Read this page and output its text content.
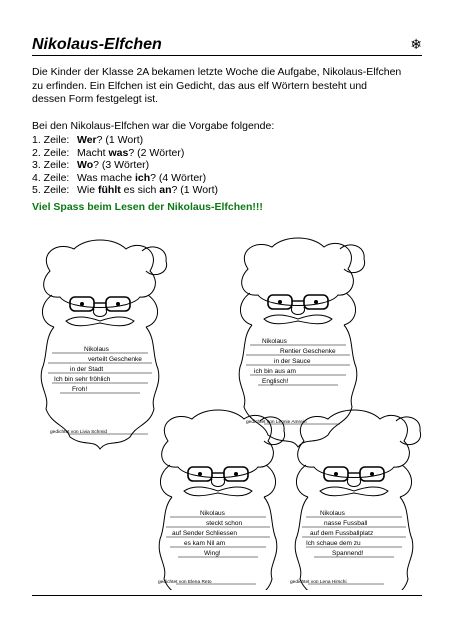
Nikolaus-Elfchen	❄
Die Kinder der Klasse 2A bekamen letzte Woche die Aufgabe, Nikolaus-Elfchen zu erfinden. Ein Elfchen ist ein Gedicht, das aus elf Wörtern besteht und dessen Form festgelegt ist.
Bei den Nikolaus-Elfchen war die Vorgabe folgende:
1. Zeile: Wer? (1 Wort)
2. Zeile: Macht was? (2 Wörter)
3. Zeile: Wo? (3 Wörter)
4. Zeile: Was mache ich? (4 Wörter)
5. Zeile: Wie fühlt es sich an? (1 Wort)
Viel Spass beim Lesen der Nikolaus-Elfchen!!!
Nikolaus
verteilt Geschenke
in der Stadt
Ich bin sehr fröhlich
Froh!
gedichtet von Livia Schmid
Nikolaus
Rentier Geschenke
in der Sauce
ich bin aus am
Englisch!
gedichtet von Leonie Amrein
Nikolaus
steckt schon
auf Sender Schliessen
es kam Nil am
Wing!
gedichtet von Elena Reto
Nikolaus
nasse Fussball
auf dem Fussballplatz
Ich schaue dem zu
Spannend!
gedichtet von Lena Hirschi
